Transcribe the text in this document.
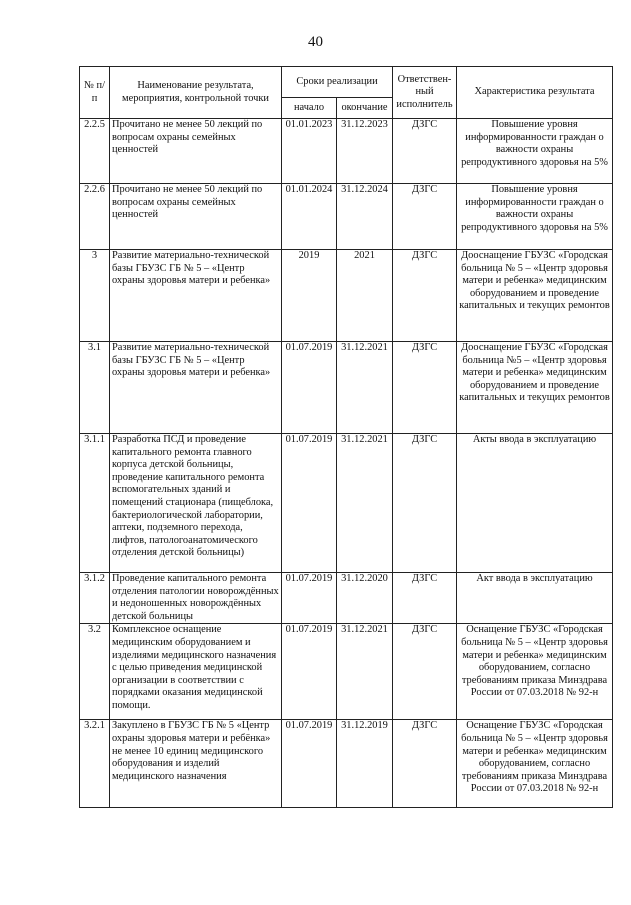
40
№ п/п	Наименование результата, мероприятия, контрольной точки	Сроки реализации		Ответствен-ный исполнитель	Характеристика результата
		начало	окончание		
2.2.5	Прочитано не менее 50 лекций по вопросам охраны семейных ценностей	01.01.2023	31.12.2023	ДЗГС	Повышение уровня информированности граждан о важности охраны репродуктивного здоровья на 5%
2.2.6	Прочитано не менее 50 лекций по вопросам охраны семейных ценностей	01.01.2024	31.12.2024	ДЗГС	Повышение уровня информированности граждан о важности охраны репродуктивного здоровья на 5%
3	Развитие материально-технической базы ГБУЗС ГБ № 5 – «Центр охраны здоровья матери и ребенка»	2019	2021	ДЗГС	Дооснащение ГБУЗС «Городская больница № 5 – «Центр здоровья матери и ребенка» медицинским оборудованием и проведение капитальных и текущих ремонтов
3.1	Развитие материально-технической базы ГБУЗС ГБ № 5 – «Центр охраны здоровья матери и ребенка»	01.07.2019	31.12.2021	ДЗГС	Дооснащение ГБУЗС «Городская больница №5 – «Центр здоровья матери и ребенка» медицинским оборудованием и проведение капитальных и текущих ремонтов
3.1.1	Разработка ПСД и проведение капитального ремонта главного корпуса детской больницы, проведение капитального ремонта вспомогательных зданий и помещений стационара (пищеблока, бактериологической лаборатории, аптеки, подземного перехода, лифтов, патологоанатомического отделения детской больницы)	01.07.2019	31.12.2021	ДЗГС	Акты ввода в эксплуатацию
3.1.2	Проведение капитального ремонта отделения патологии новорождённых и недоношенных новорождённых детской больницы	01.07.2019	31.12.2020	ДЗГС	Акт ввода в эксплуатацию
3.2	Комплексное оснащение медицинским оборудованием и изделиями медицинского назначения с целью приведения медицинской организации в соответствии с порядками оказания медицинской помощи.	01.07.2019	31.12.2021	ДЗГС	Оснащение ГБУЗС «Городская больница № 5 – «Центр здоровья матери и ребенка» медицинским оборудованием, согласно требованиям приказа Минздрава России от 07.03.2018 № 92-н
3.2.1	Закуплено в ГБУЗС ГБ № 5 «Центр охраны здоровья матери и ребёнка» не менее 10 единиц медицинского оборудования и изделий медицинского назначения	01.07.2019	31.12.2019	ДЗГС	Оснащение ГБУЗС «Городская больница № 5 – «Центр здоровья матери и ребенка» медицинским оборудованием, согласно требованиям приказа Минздрава России от 07.03.2018 № 92-н
